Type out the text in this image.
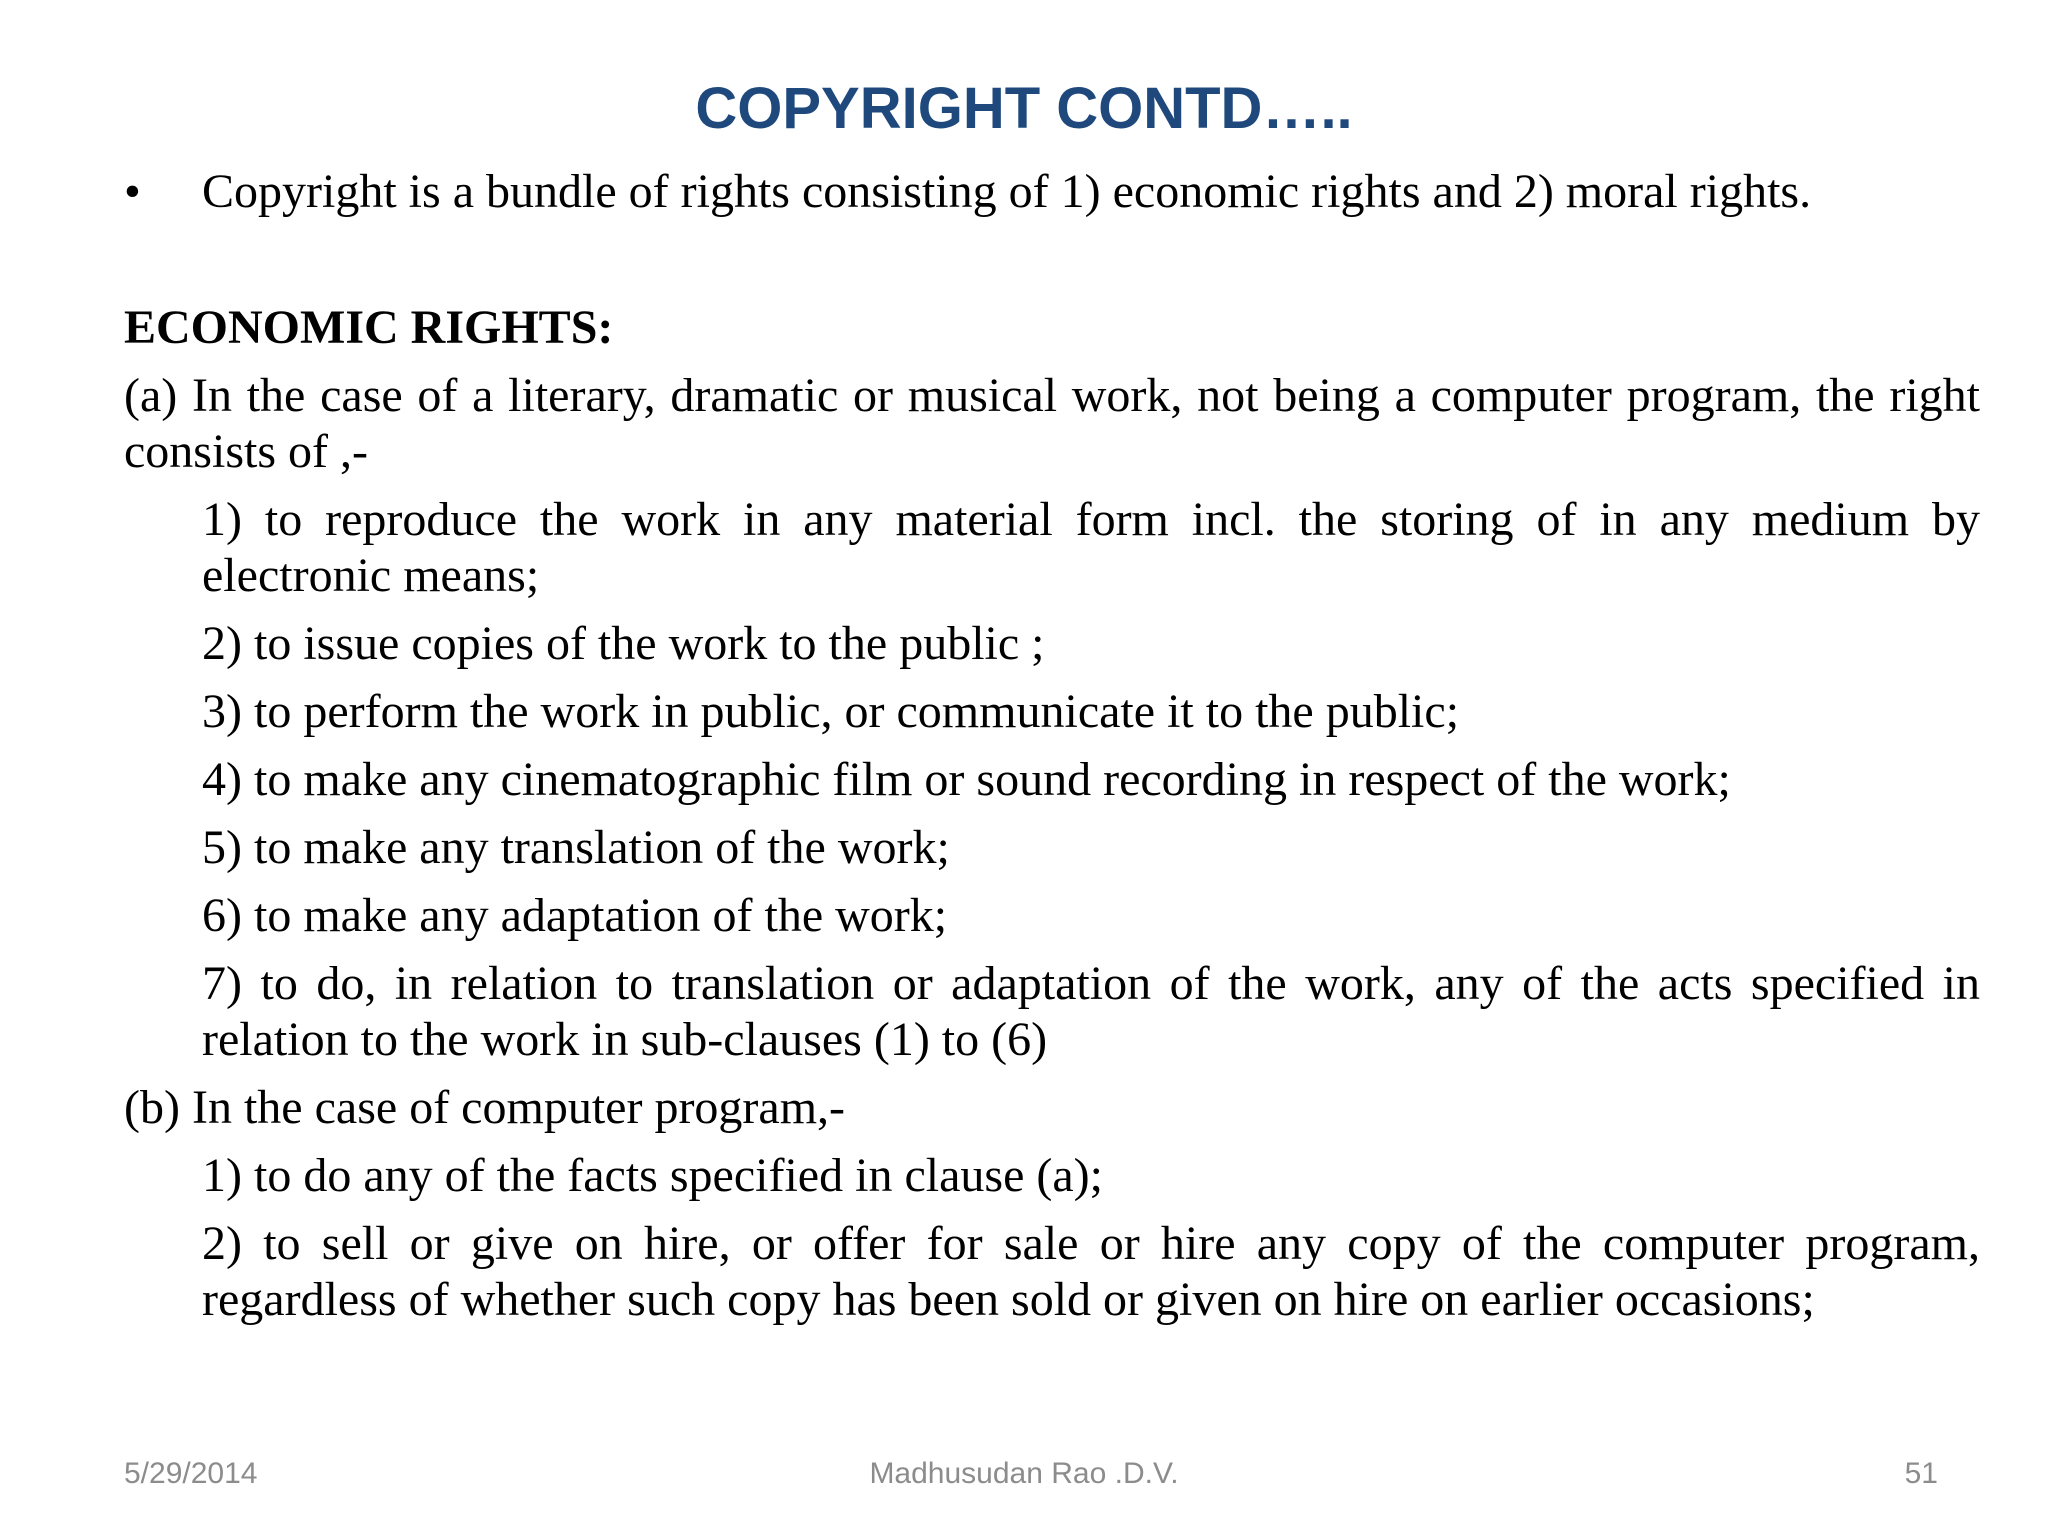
COPYRIGHT CONTD…..
• Copyright is a bundle of rights consisting of 1) economic rights and 2) moral rights.
ECONOMIC RIGHTS:
(a) In the case of a literary, dramatic or musical work, not being a computer program, the right consists of ,-
1) to reproduce the work in any material form incl. the storing of in any medium by electronic means;
2) to issue copies of the work to the public ;
3) to perform the work in public, or communicate it to the public;
4) to make any cinematographic film or sound recording in respect of the work;
5) to make any translation of the work;
6) to make any adaptation of the work;
7) to do, in relation to translation or adaptation of the work, any of the acts specified in relation to the work in sub-clauses (1) to (6)
(b) In the case of computer program,-
1) to do any of the facts specified in clause (a);
2) to sell or give on hire, or offer for sale or hire any copy of the computer program, regardless of whether such copy has been sold or given on hire on earlier occasions;
5/29/2014	Madhusudan Rao .D.V.	51
